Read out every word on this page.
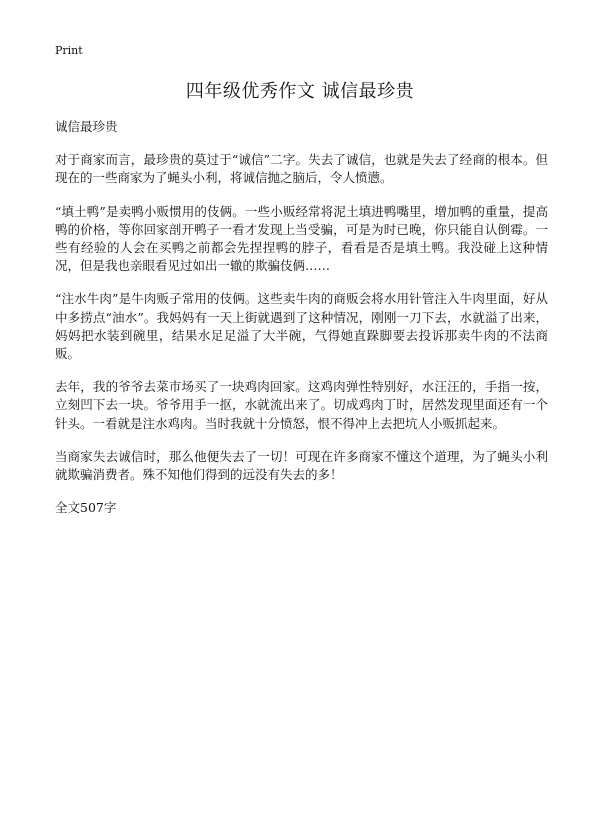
Print
四年级优秀作文 诚信最珍贵

诚信最珍贵

对于商家而言，最珍贵的莫过于“诚信”二字。失去了诚信，也就是失去了经商的根本。但现在的一些商家为了蝇头小利，将诚信抛之脑后，令人愤懑。

“填土鸭”是卖鸭小贩惯用的伎俩。一些小贩经常将泥土填进鸭嘴里，增加鸭的重量，提高鸭的价格，等你回家剖开鸭子一看才发现上当受骗，可是为时已晚，你只能自认倒霉。一些有经验的人会在买鸭之前都会先捏捏鸭的脖子，看看是否是填土鸭。我没碰上这种情况，但是我也亲眼看见过如出一辙的欺骗伎俩……

“注水牛肉”是牛肉贩子常用的伎俩。这些卖牛肉的商贩会将水用针管注入牛肉里面，好从中多捞点“油水”。我妈妈有一天上街就遇到了这种情况，刚刚一刀下去，水就溢了出来，妈妈把水装到碗里，结果水足足溢了大半碗，气得她直跺脚要去投诉那卖牛肉的不法商贩。

去年，我的爷爷去菜市场买了一块鸡肉回家。这鸡肉弹性特别好，水汪汪的，手指一按，立刻凹下去一块。爷爷用手一抠，水就流出来了。切成鸡肉丁时，居然发现里面还有一个针头。一看就是注水鸡肉。当时我就十分愤怒，恨不得冲上去把坑人小贩抓起来。

当商家失去诚信时，那么他便失去了一切！可现在许多商家不懂这个道理，为了蝇头小利就欺骗消费者。殊不知他们得到的远没有失去的多！

全文507字
